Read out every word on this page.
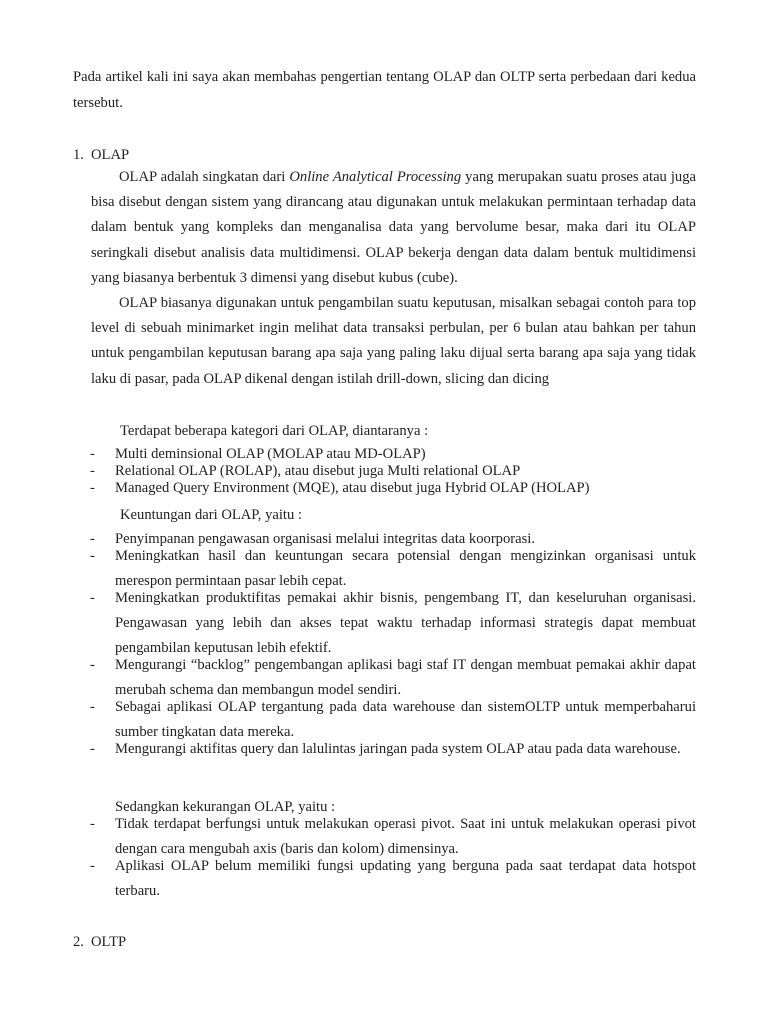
Pada artikel kali ini saya akan membahas pengertian tentang OLAP dan OLTP serta perbedaan dari kedua tersebut.
1. OLAP
OLAP adalah singkatan dari Online Analytical Processing yang merupakan suatu proses atau juga bisa disebut dengan sistem yang dirancang atau digunakan untuk melakukan permintaan terhadap data dalam bentuk yang kompleks dan menganalisa data yang bervolume besar, maka dari itu OLAP seringkali disebut analisis data multidimensi. OLAP bekerja dengan data dalam bentuk multidimensi yang biasanya berbentuk 3 dimensi yang disebut kubus (cube).
OLAP biasanya digunakan untuk pengambilan suatu keputusan, misalkan sebagai contoh para top level di sebuah minimarket ingin melihat data transaksi perbulan, per 6 bulan atau bahkan per tahun untuk pengambilan keputusan barang apa saja yang paling laku dijual serta barang apa saja yang tidak laku di pasar, pada OLAP dikenal dengan istilah drill-down, slicing dan dicing
Terdapat beberapa kategori dari OLAP, diantaranya :
- Multi deminsional OLAP (MOLAP atau MD-OLAP)
- Relational OLAP (ROLAP), atau disebut juga Multi relational OLAP
- Managed Query Environment (MQE), atau disebut juga Hybrid OLAP (HOLAP)
Keuntungan dari OLAP, yaitu :
- Penyimpanan pengawasan organisasi melalui integritas data koorporasi.
- Meningkatkan hasil dan keuntungan secara potensial dengan mengizinkan organisasi untuk merespon permintaan pasar lebih cepat.
- Meningkatkan produktifitas pemakai akhir bisnis, pengembang IT, dan keseluruhan organisasi. Pengawasan yang lebih dan akses tepat waktu terhadap informasi strategis dapat membuat pengambilan keputusan lebih efektif.
- Mengurangi “backlog” pengembangan aplikasi bagi staf IT dengan membuat pemakai akhir dapat merubah schema dan membangun model sendiri.
- Sebagai aplikasi OLAP tergantung pada data warehouse dan sistemOLTP untuk memperbaharui sumber tingkatan data mereka.
- Mengurangi aktifitas query dan lalulintas jaringan pada system OLAP atau pada data warehouse.
Sedangkan kekurangan OLAP, yaitu :
- Tidak terdapat berfungsi untuk melakukan operasi pivot. Saat ini untuk melakukan operasi pivot dengan cara mengubah axis (baris dan kolom) dimensinya.
- Aplikasi OLAP belum memiliki fungsi updating yang berguna pada saat terdapat data hotspot terbaru.
2. OLTP
